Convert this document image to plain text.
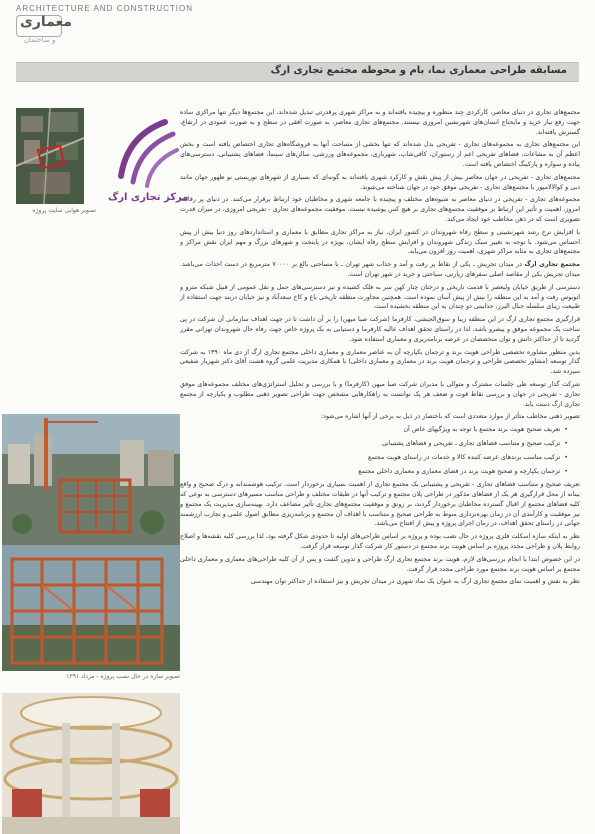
ARCHITECTURE AND CONSTRUCTION
معماری
و ساختمان
مسابقه طراحی معماری نما، بام و محوطه مجتمع تجاری ارگ
تصویر هوایی سایت پروژه
مرکز تجاری ارگ
تصویر سازه در حال نصب پروژه - مرداد ۱۳۹۱

مجتمع‌های تجاری در دنیای معاصر، کارکردی چند منظوره و پیچیده یافته‌اند و به مراکز شهری پرقدرتی تبدیل شده‌اند. این مجتمع‌ها دیگر تنها مراکزی ساده جهت رفع نیاز خرید و مایحتاج انسان‌های شهرنشین امروزی نیستند. مجتمع‌های تجاری معاصر، به صورت افقی در سطح و به صورت عمودی در ارتفاع، گسترش یافته‌اند.

این مجتمع‌های تجاری به مجموعه‌های تجاری - تفریحی بدل شده‌اند که تنها بخشی از مساحت آنها به فروشگاه‌های تجاری اختصاص یافته است و بخش اعظم آن به مشاعات، فضاهای تفریحی اعم از رستوران، کافی‌شاپ، شهربازی، مجموعه‌های ورزشی، سالن‌های سینما، فضاهای پشتیبانی، دسترسی‌های پیاده و سواره و پارکینگ اختصاص یافته است.

مجتمع‌های تجاری - تفریحی در جهان معاصر بیش از پیش نقش و کارکرد شهری یافته‌اند به گونه‌ای که بسیاری از شهرهای توریستی نو ظهور جهان مانند دبی و کوالالامپور با مجتمع‌های تجاری - تفریحی موفق خود در جهان شناخته می‌شوند.

مجموعه‌های تجاری - تفریحی در دنیای معاصر به شیوه‌های مختلف و پیچیده با جامعه شهری و مخاطبان خود ارتباط برقرار می‌کنند. در دنیای پر رقابت امروز، اهمیت و تأثیر این ارتباط بر موفقیت مجتمع‌های تجاری بر هیچ کس پوشیده نیست. موفقیت مجموعه‌های تجاری - تفریحی امروزی، در میزان قدرت تصویری است که در ذهن مخاطب خود ایجاد می‌کند.

با افزایش نرخ رشد شهرنشینی و سطح رفاه شهروندان در کشور ایران، نیاز به مراکز تجاری مطابق با معماری و استانداردهای روز دنیا بیش از پیش احساس می‌شود. با توجه به تغییر سبک زندگی شهروندان و افزایش سطح رفاه ایشان، بویژه در پایتخت و شهرهای بزرگ و مهم ایران نقش مراکز و مجتمع‌های تجاری به مثابه مراکز شهری، اهمیت روز افزون می‌یابد.

مجتمع تجاری ارگ در میدان تجریش ـ یکی از نقاط پر رفت و آمد و جذاب شهر تهران ـ با مساحتی بالغ بر ۷۰۰۰۰ مترمربع در دست احداث می‌باشد. میدان تجریش یکی از مقاصد اصلی سفرهای زیارتی، سیاحتی و خرید در شهر تهران است.

دسترسی از طریق خیابان ولیعصر با قدمت تاریخی و درختان چنار کهن سر به فلک کشیده و نیز دسترسی‌های حمل و نقل عمومی از قبیل شبکه مترو و اتوبوس رفت و آمد به این منطقه را بیش از پیش آسان نموده است. همچنین مجاورت منطقه تاریخی باغ و کاخ سعدآباد و نیز خیابان دربند جهت استفاده از طبیعت زیبای سلسله جبال البرز، جذابیتی دو چندان به این منطقه بخشیده است.

قرارگیری مجتمع تجاری ارگ در این منطقه زیبا و سوق‌الجیشی، کارفرما (شرکت صبا میهن) را بر آن داشت تا در جهت اهداف سازمانی آن شرکت در پی ساخت یک مجموعه موفق و پیشرو باشد. لذا در راستای تحقق اهداف عالیه کارفرما و دستیابی به یک پروژه خاص جهت رفاه حال شهروندان تهرانی مقرر گردید تا از حداکثر دانش و توان متخصصان در عرصه برنامه‌ریزی و معماری استفاده شود.

بدین منظور مشاوره تخصصی طراحی هویت برند و ترجمان یکپارچه آن به عناصر معماری و معماری داخلی مجتمع تجاری ارگ از دی ماه ۱۳۹۰ به شرکت گذار توسعه (مشاور تخصصی طراحی و ترجمان هویت برند در معماری و معماری داخلی) با همکاری مدیریت علمی گروه هشت آقای دکتر شهریار شفیعی سپرده شد.

شرکت گذار توسعه طی جلسات مشترک و متوالی با مدیران شرکت صبا میهن (کارفرما) و با بررسی و تحلیل استراتژی‌های مختلف مجموعه‌های موفق تجاری - تفریحی در جهان و بررسی نقاط قوت و ضعف هر یک توانست به راهکارهایی مشخص جهت طراحی تصویر ذهنی مطلوب و یکپارچه از مجتمع تجاری ارگ دست یابد.

تصویر ذهنی مخاطب متأثر از موارد متعددی است که باختصار در ذیل به برخی از آنها اشاره می‌شود:

• تعریف صحیح هویت برند مجتمع با توجه به ویژگیهای خاص آن
• ترکیب صحیح و متناسب فضاهای تجاری ـ تفریحی و فضاهای پشتیبانی
• ترکیب مناسب برندهای عرضه کننده کالا و خدمات در راستای هویت مجتمع
• ترجمان یکپارچه و صحیح هویت برند در فضای معماری و معماری داخلی مجتمع

تعریف صحیح و متناسب فضاهای تجاری - تفریحی و پشتیبانی یک مجتمع تجاری از اهمیت بسیاری برخوردار است. ترکیب هوشمندانه و درک صحیح و واقع بینانه از محل قرارگیری هر یک از فضاهای مذکور در طراحی پلان مجتمع و ترکیب آنها در طبقات مختلف و طراحی مناسب مسیرهای دسترسی به نوعی که کلیه فضاهای مجتمع از اقبال گسترده مخاطبان برخوردار گردند، بر رونق و موفقیت مجتمع‌های تجاری تأثیر مضاعف دارد. بهینه‌سازی مدیریت یک مجتمع و نیز موفقیت و کارآمدی آن در زمان بهره‌برداری منوط به طراحی صحیح و متناسب با اهداف آن مجتمع و برنامه‌ریزی مطابق اصول علمی و تجارب ارزشمند جهانی در راستای تحقق اهداف، در زمان اجرای پروژه و پیش از افتتاح می‌باشد.

نظر به اینکه سازه اسکلت فلزی پروژه در حال نصب بوده و پروژه بر اساس طراحی‌های اولیه تا حدودی شکل گرفته بود، لذا بررسی کلیه نقشه‌ها و اصلاح روابط پلان و طراحی مجدد پروژه بر اساس هویت برند مجتمع در دستور کار شرکت گذار توسعه قرار گرفت.

در این خصوص ابتدا با انجام بررسی‌های لازم، هویت برند مجتمع تجاری ارگ طراحی و تدوین گشت و پس از آن کلیه طراحی‌های معماری و معماری داخلی مجتمع بر اساس هویت برند مجتمع مورد طراحی مجدد قرار گرفت.

نظر به نقش و اهمیت نمای مجتمع تجاری ارگ به عنوان یک نماد شهری در میدان تجریش و نیز استفاده از حداکثر توان مهندسی
